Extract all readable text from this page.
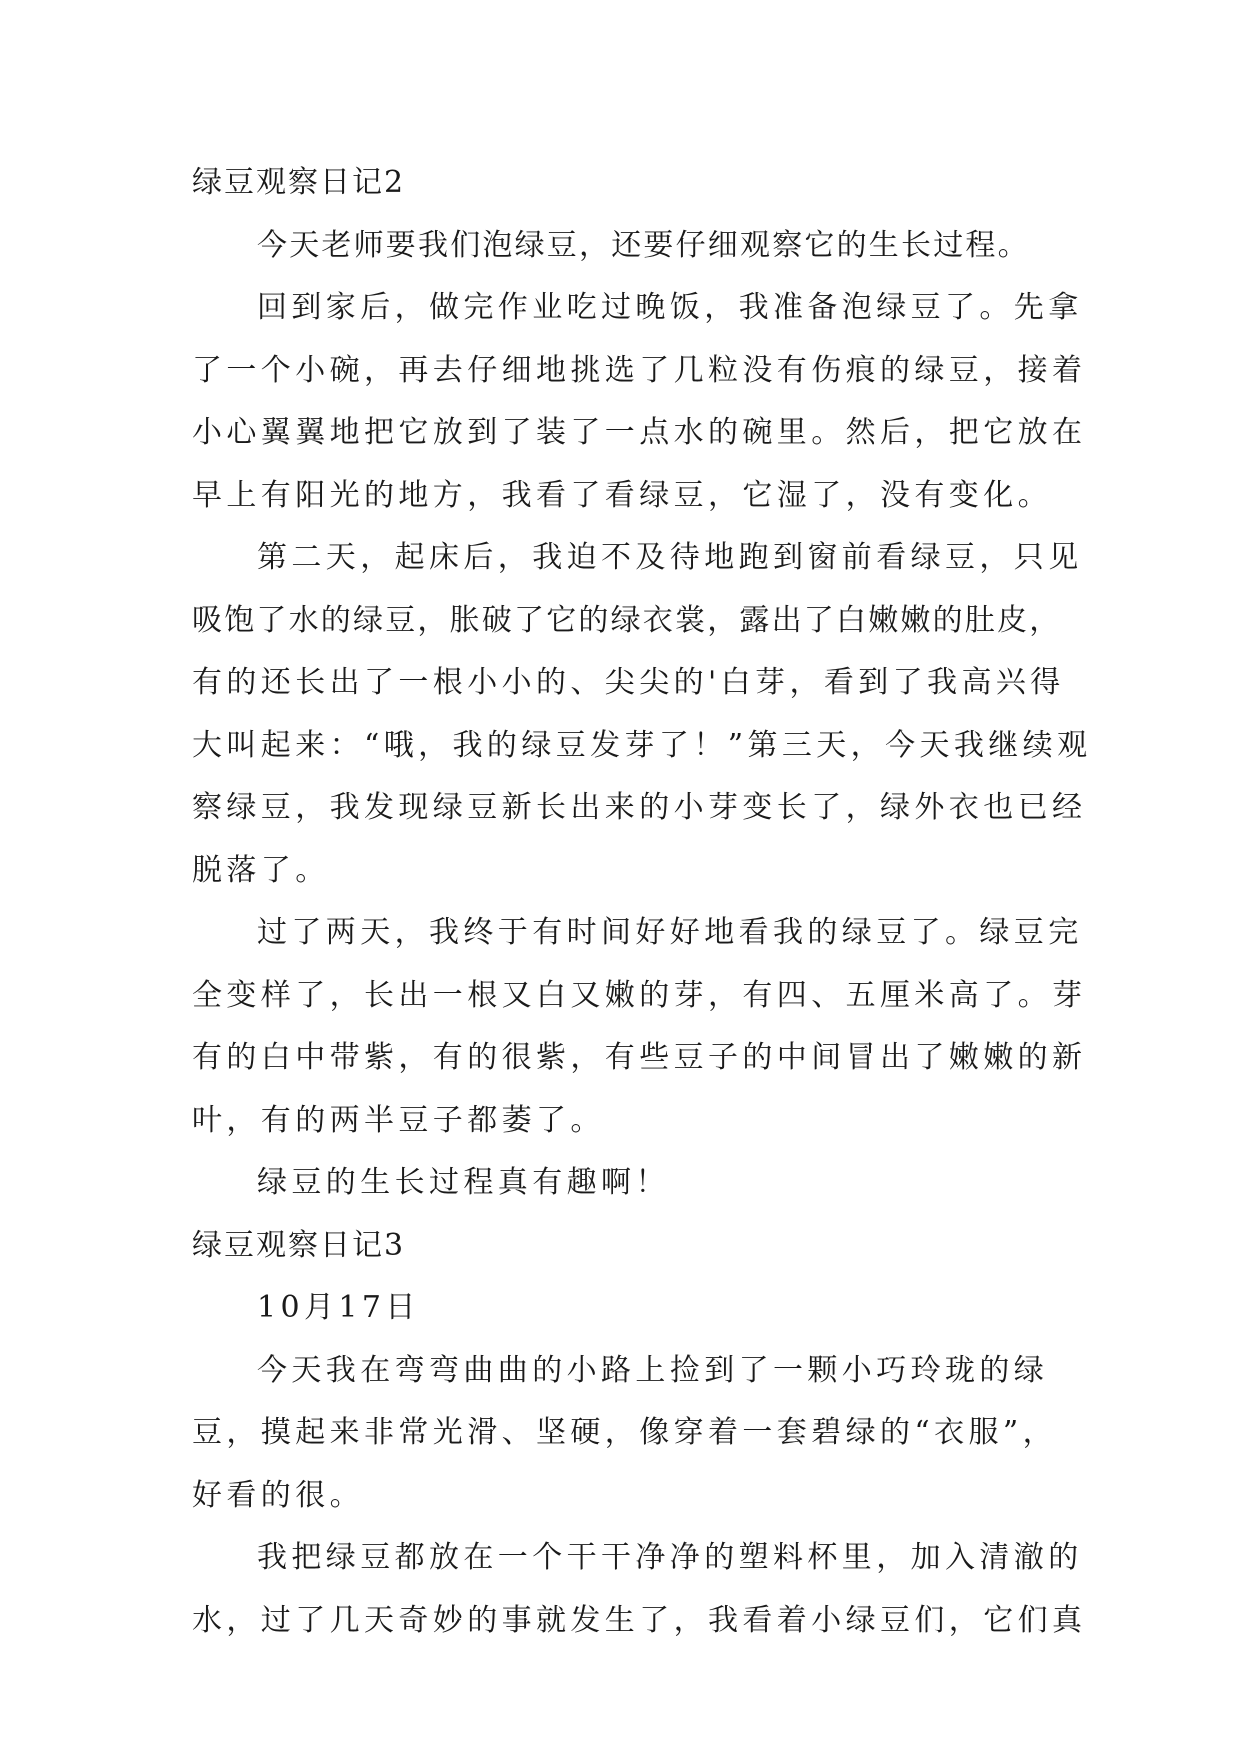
绿豆观察日记2
今天老师要我们泡绿豆，还要仔细观察它的生长过程。
回到家后，做完作业吃过晚饭，我准备泡绿豆了。先拿
了一个小碗，再去仔细地挑选了几粒没有伤痕的绿豆，接着
小心翼翼地把它放到了装了一点水的碗里。然后，把它放在
早上有阳光的地方，我看了看绿豆，它湿了，没有变化。
第二天，起床后，我迫不及待地跑到窗前看绿豆，只见
吸饱了水的绿豆，胀破了它的绿衣裳，露出了白嫩嫩的肚皮，
有的还长出了一根小小的、尖尖的'白芽，看到了我高兴得
大叫起来：“哦，我的绿豆发芽了！”第三天，今天我继续观
察绿豆，我发现绿豆新长出来的小芽变长了，绿外衣也已经
脱落了。
过了两天，我终于有时间好好地看我的绿豆了。绿豆完
全变样了，长出一根又白又嫩的芽，有四、五厘米高了。芽
有的白中带紫，有的很紫，有些豆子的中间冒出了嫩嫩的新
叶，有的两半豆子都萎了。
绿豆的生长过程真有趣啊！
绿豆观察日记3
10月17日
今天我在弯弯曲曲的小路上捡到了一颗小巧玲珑的绿
豆，摸起来非常光滑、坚硬，像穿着一套碧绿的“衣服”，
好看的很。
我把绿豆都放在一个干干净净的塑料杯里，加入清澈的
水，过了几天奇妙的事就发生了，我看着小绿豆们，它们真
